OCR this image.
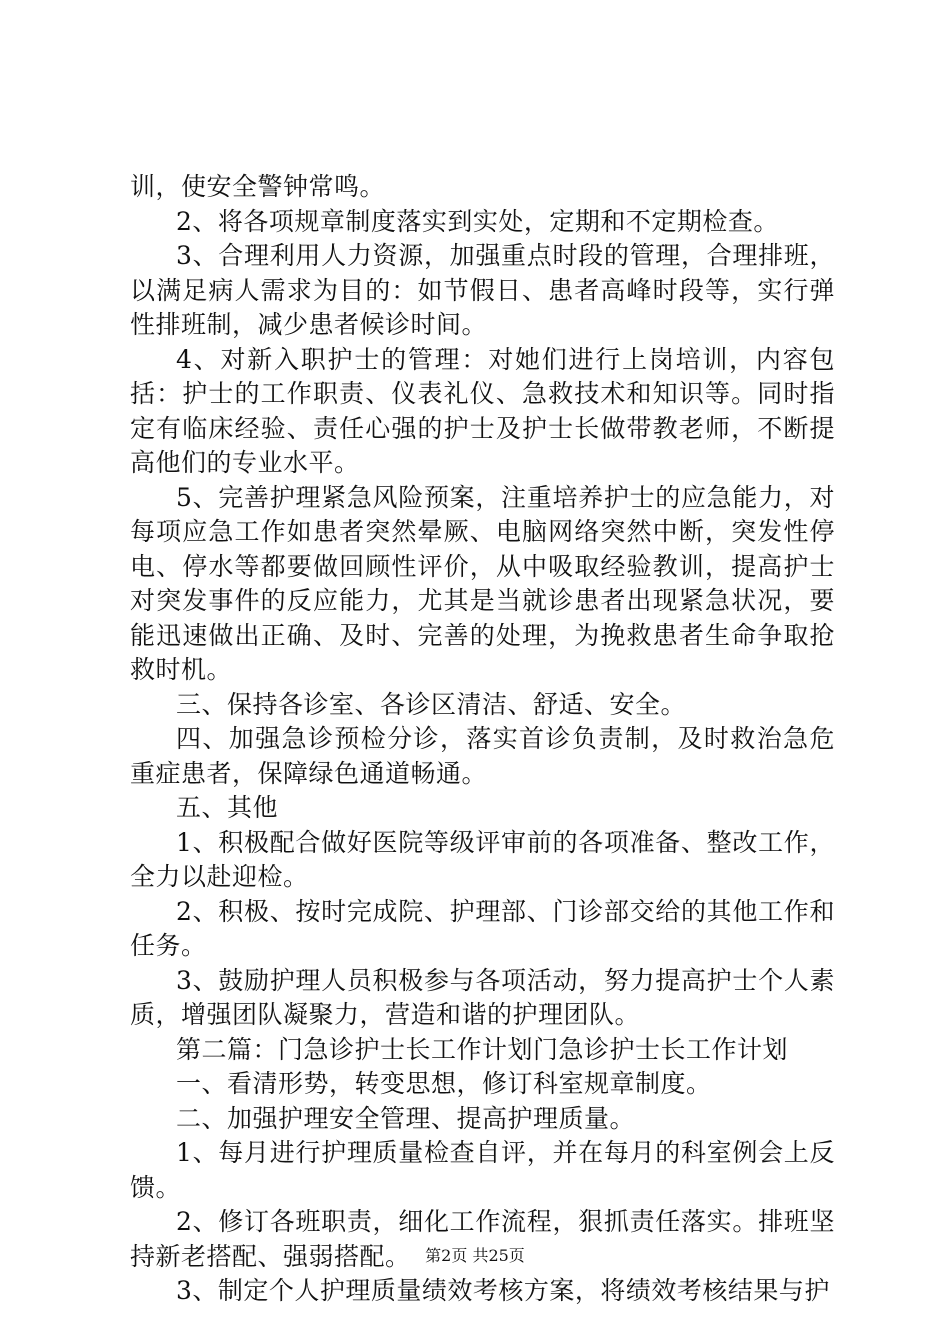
训，使安全警钟常鸣。

2、将各项规章制度落实到实处，定期和不定期检查。

3、合理利用人力资源，加强重点时段的管理，合理排班，以满足病人需求为目的：如节假日、患者高峰时段等，实行弹性排班制，减少患者候诊时间。

4、对新入职护士的管理：对她们进行上岗培训，内容包括：护士的工作职责、仪表礼仪、急救技术和知识等。同时指定有临床经验、责任心强的护士及护士长做带教老师，不断提高他们的专业水平。

5、完善护理紧急风险预案，注重培养护士的应急能力，对每项应急工作如患者突然晕厥、电脑网络突然中断，突发性停电、停水等都要做回顾性评价，从中吸取经验教训，提高护士对突发事件的反应能力，尤其是当就诊患者出现紧急状况，要能迅速做出正确、及时、完善的处理，为挽救患者生命争取抢救时机。

三、保持各诊室、各诊区清洁、舒适、安全。

四、加强急诊预检分诊，落实首诊负责制，及时救治急危重症患者，保障绿色通道畅通。

五、其他

1、积极配合做好医院等级评审前的各项准备、整改工作，全力以赴迎检。

2、积极、按时完成院、护理部、门诊部交给的其他工作和任务。

3、鼓励护理人员积极参与各项活动，努力提高护士个人素质，增强团队凝聚力，营造和谐的护理团队。

第二篇：门急诊护士长工作计划门急诊护士长工作计划

一、看清形势，转变思想，修订科室规章制度。

二、加强护理安全管理、提高护理质量。

1、每月进行护理质量检查自评，并在每月的科室例会上反馈。

2、修订各班职责，细化工作流程，狠抓责任落实。排班坚持新老搭配、强弱搭配。

3、制定个人护理质量绩效考核方案，将绩效考核结果与护

第2页 共25页
